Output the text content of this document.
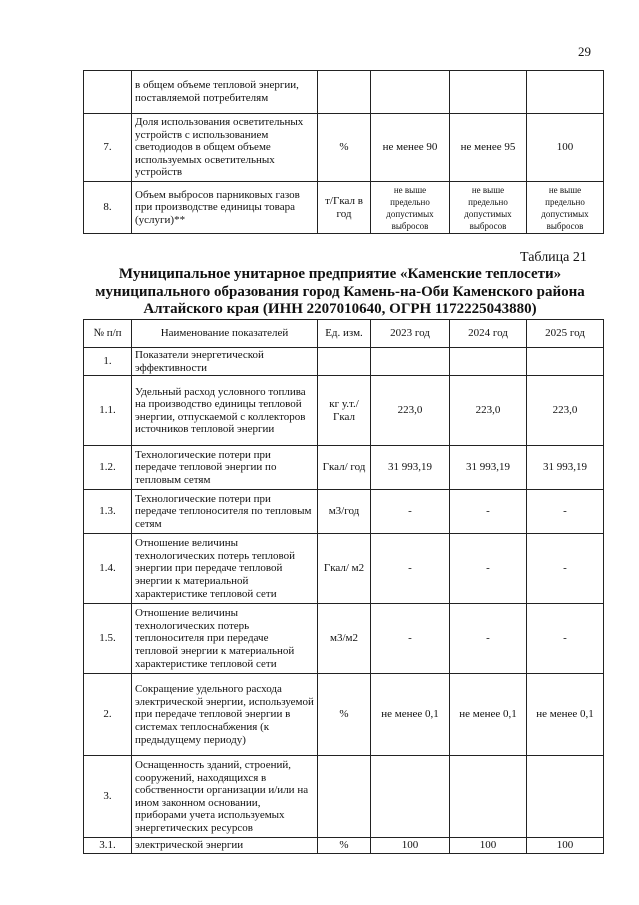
29
	в общем объеме тепловой энергии, поставляемой потребителям				
7.	Доля использования осветительных устройств с использованием светодиодов в общем объеме используемых осветительных устройств	%	не менее 90	не менее 95	100
8.	Объем выбросов парниковых газов при производстве единицы товара (услуги)**	т/Гкал в год	не выше предельно допустимых выбросов	не выше предельно допустимых выбросов	не выше предельно допустимых выбросов
Таблица 21
Муниципальное унитарное предприятие «Каменские теплосети»
муниципального образования город Камень-на-Оби Каменского района
Алтайского края (ИНН 2207010640, ОГРН 1172225043880)
№ п/п	Наименование показателей	Ед. изм.	2023 год	2024 год	2025 год
1.	Показатели энергетической эффективности				
1.1.	Удельный расход условного топлива на производство единицы тепловой энергии, отпускаемой с коллекторов источников тепловой энергии	кг у.т./ Гкал	223,0	223,0	223,0
1.2.	Технологические потери при передаче тепловой энергии по тепловым сетям	Гкал/ год	31 993,19	31 993,19	31 993,19
1.3.	Технологические потери при передаче теплоносителя по тепловым сетям	м3/год	-	-	-
1.4.	Отношение величины технологических потерь тепловой энергии при передаче тепловой энергии к материальной характеристике тепловой сети	Гкал/ м2	-	-	-
1.5.	Отношение величины технологических потерь теплоносителя при передаче тепловой энергии к материальной характеристике тепловой сети	м3/м2	-	-	-
2.	Сокращение удельного расхода электрической энергии, используемой при передаче тепловой энергии в системах теплоснабжения (к предыдущему периоду)	%	не менее 0,1	не менее 0,1	не менее 0,1
3.	Оснащенность зданий, строений, сооружений, находящихся в собственности организации и/или на ином законном основании, приборами учета используемых энергетических ресурсов				
3.1.	электрической энергии	%	100	100	100
